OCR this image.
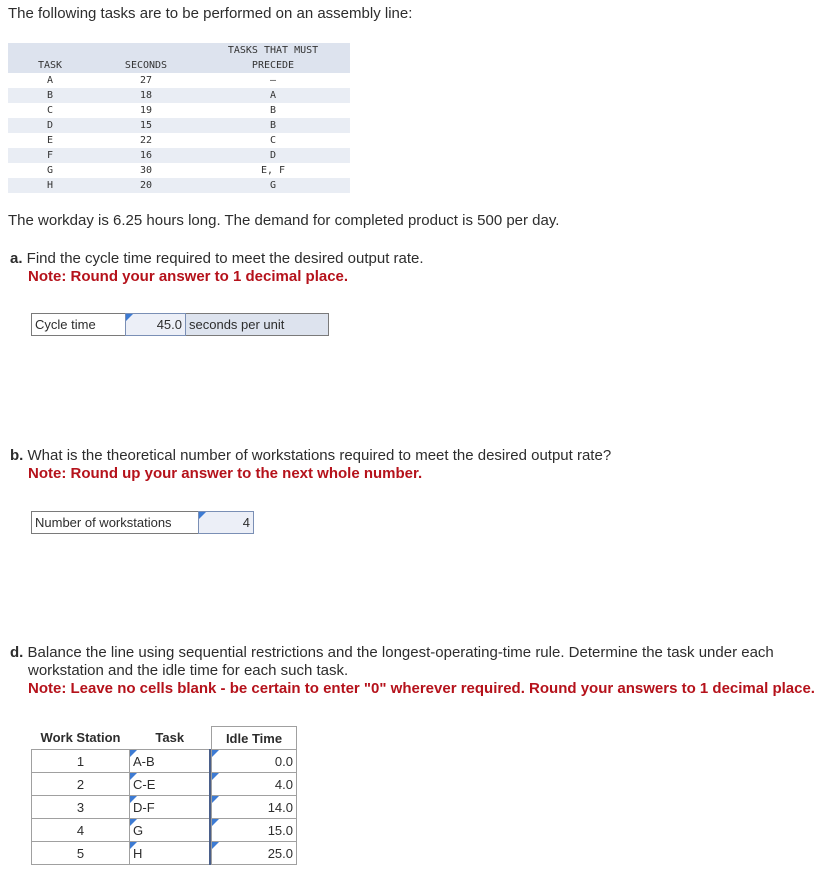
The following tasks are to be performed on an assembly line:
TASK	SECONDS
TASKS THAT MUST
PRECEDE
A	27	—
B	18	A
C	19	B
D	15	B
E	22	C
F	16	D
G	30	E, F
H	20	G
The workday is 6.25 hours long. The demand for completed product is 500 per day.
a. Find the cycle time required to meet the desired output rate.
Note: Round your answer to 1 decimal place.
Cycle time	45.0 seconds per unit
b. What is the theoretical number of workstations required to meet the desired output rate?
Note: Round up your answer to the next whole number.
Number of workstations	4
d. Balance the line using sequential restrictions and the longest-operating-time rule. Determine the task under each
workstation and the idle time for each such task.
Note: Leave no cells blank - be certain to enter "0" wherever required. Round your answers to 1 decimal place.
Work Station	Task		Idle Time
1	A-B		0.0
2	C-E		4.0
3	D-F		14.0
4	G		15.0
5	H		25.0
